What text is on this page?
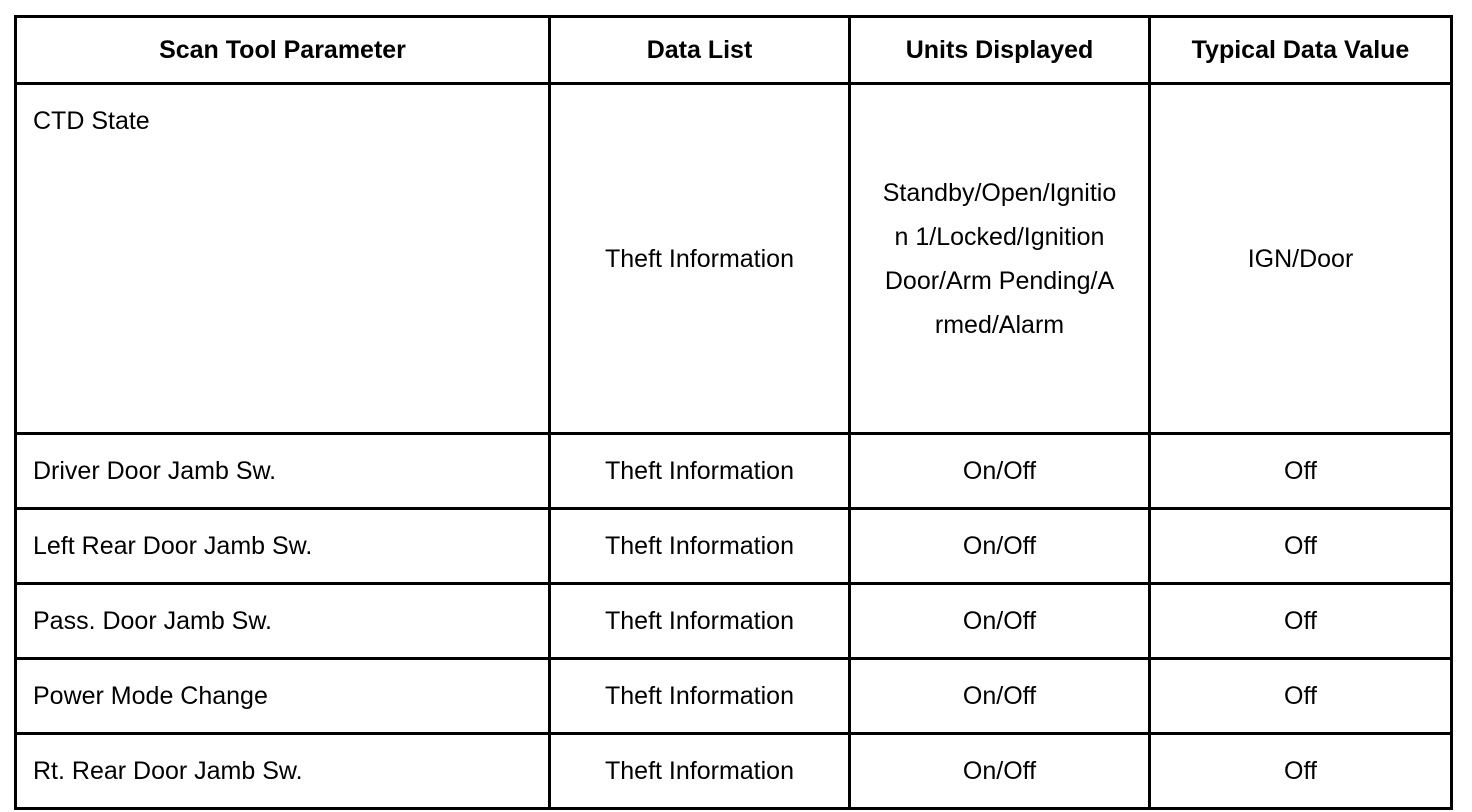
Scan Tool Parameter	Data List	Units Displayed	Typical Data Value
CTD State	Theft Information	Standby/Open/Ignition 1/Locked/Ignition Door/Arm Pending/Armed/Alarm	IGN/Door
Driver Door Jamb Sw.	Theft Information	On/Off	Off
Left Rear Door Jamb Sw.	Theft Information	On/Off	Off
Pass. Door Jamb Sw.	Theft Information	On/Off	Off
Power Mode Change	Theft Information	On/Off	Off
Rt. Rear Door Jamb Sw.	Theft Information	On/Off	Off
